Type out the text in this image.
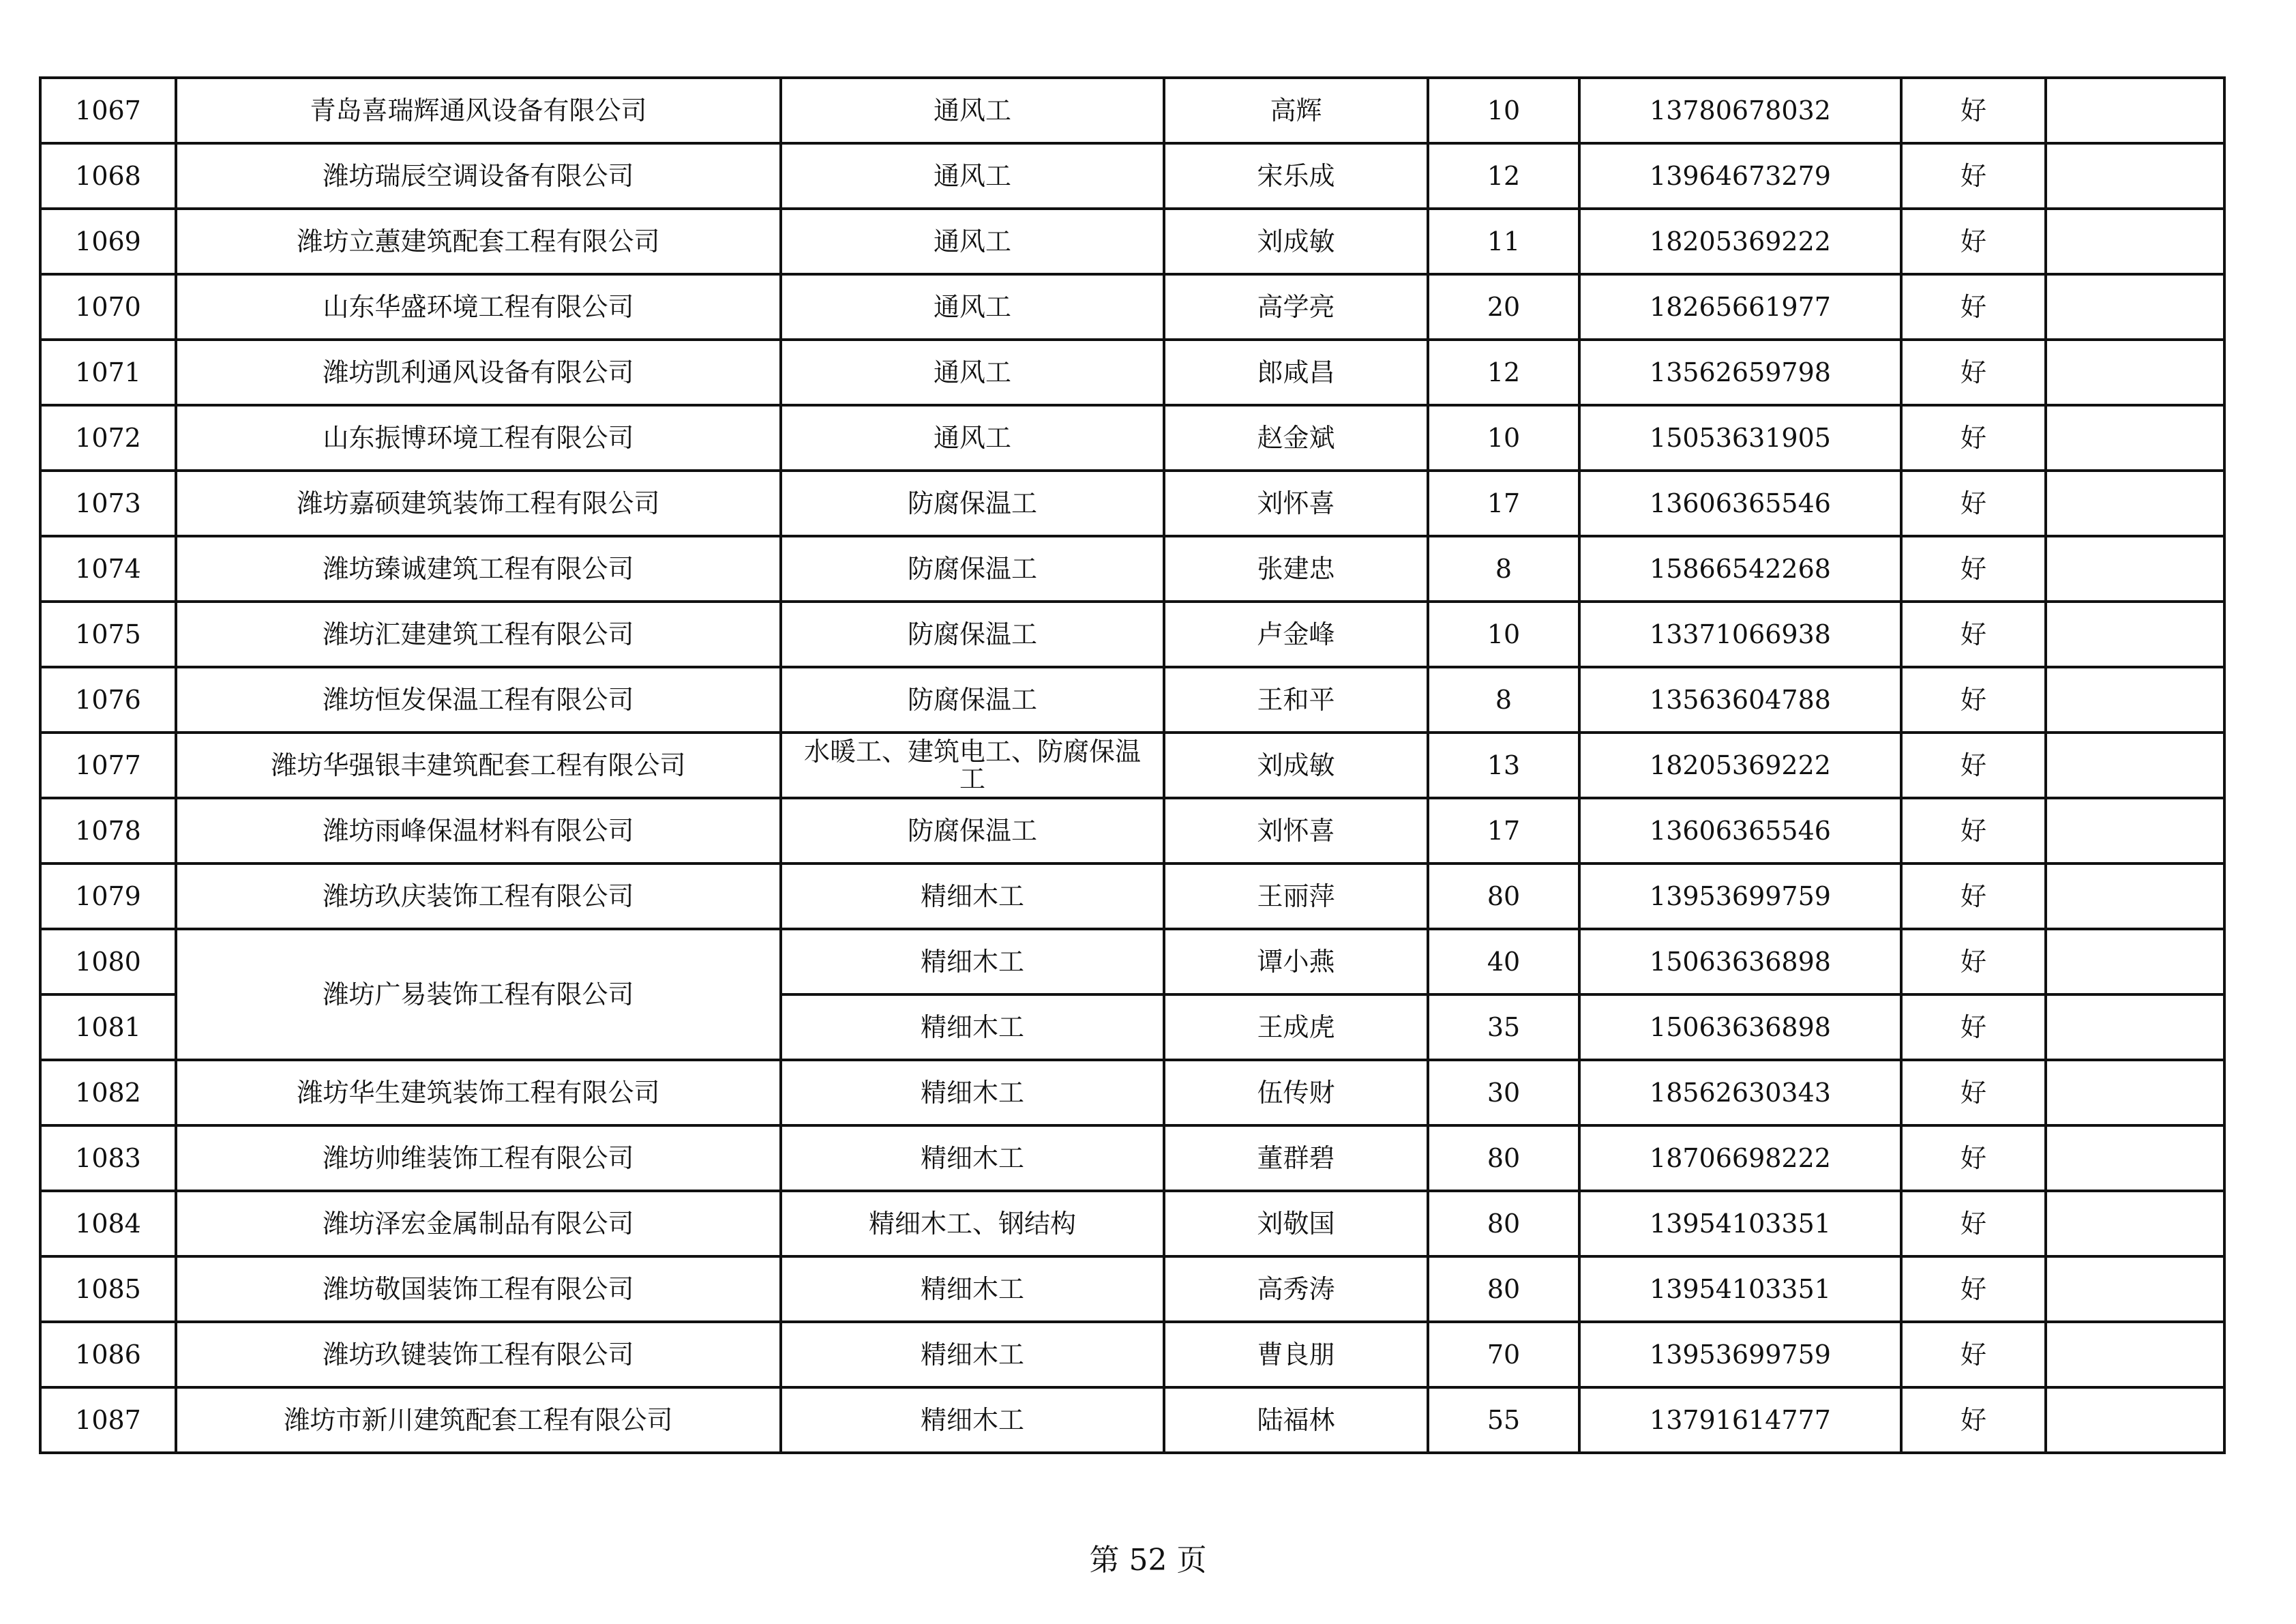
1067	青岛喜瑞辉通风设备有限公司	通风工	高辉	10	13780678032	好	
1068	潍坊瑞辰空调设备有限公司	通风工	宋乐成	12	13964673279	好	
1069	潍坊立蕙建筑配套工程有限公司	通风工	刘成敏	11	18205369222	好	
1070	山东华盛环境工程有限公司	通风工	高学亮	20	18265661977	好	
1071	潍坊凯利通风设备有限公司	通风工	郎咸昌	12	13562659798	好	
1072	山东振博环境工程有限公司	通风工	赵金斌	10	15053631905	好	
1073	潍坊嘉硕建筑装饰工程有限公司	防腐保温工	刘怀喜	17	13606365546	好	
1074	潍坊臻诚建筑工程有限公司	防腐保温工	张建忠	8	15866542268	好	
1075	潍坊汇建建筑工程有限公司	防腐保温工	卢金峰	10	13371066938	好	
1076	潍坊恒发保温工程有限公司	防腐保温工	王和平	8	13563604788	好	
1077	潍坊华强银丰建筑配套工程有限公司	水暖工、建筑电工、防腐保温工	刘成敏	13	18205369222	好	
1078	潍坊雨峰保温材料有限公司	防腐保温工	刘怀喜	17	13606365546	好	
1079	潍坊玖庆装饰工程有限公司	精细木工	王丽萍	80	13953699759	好	
1080	潍坊广易装饰工程有限公司	精细木工	谭小燕	40	15063636898	好	
1081		精细木工	王成虎	35	15063636898	好	
1082	潍坊华生建筑装饰工程有限公司	精细木工	伍传财	30	18562630343	好	
1083	潍坊帅维装饰工程有限公司	精细木工	董群碧	80	18706698222	好	
1084	潍坊泽宏金属制品有限公司	精细木工、钢结构	刘敬国	80	13954103351	好	
1085	潍坊敬国装饰工程有限公司	精细木工	高秀涛	80	13954103351	好	
1086	潍坊玖键装饰工程有限公司	精细木工	曹良朋	70	13953699759	好	
1087	潍坊市新川建筑配套工程有限公司	精细木工	陆福林	55	13791614777	好	
第 52 页
